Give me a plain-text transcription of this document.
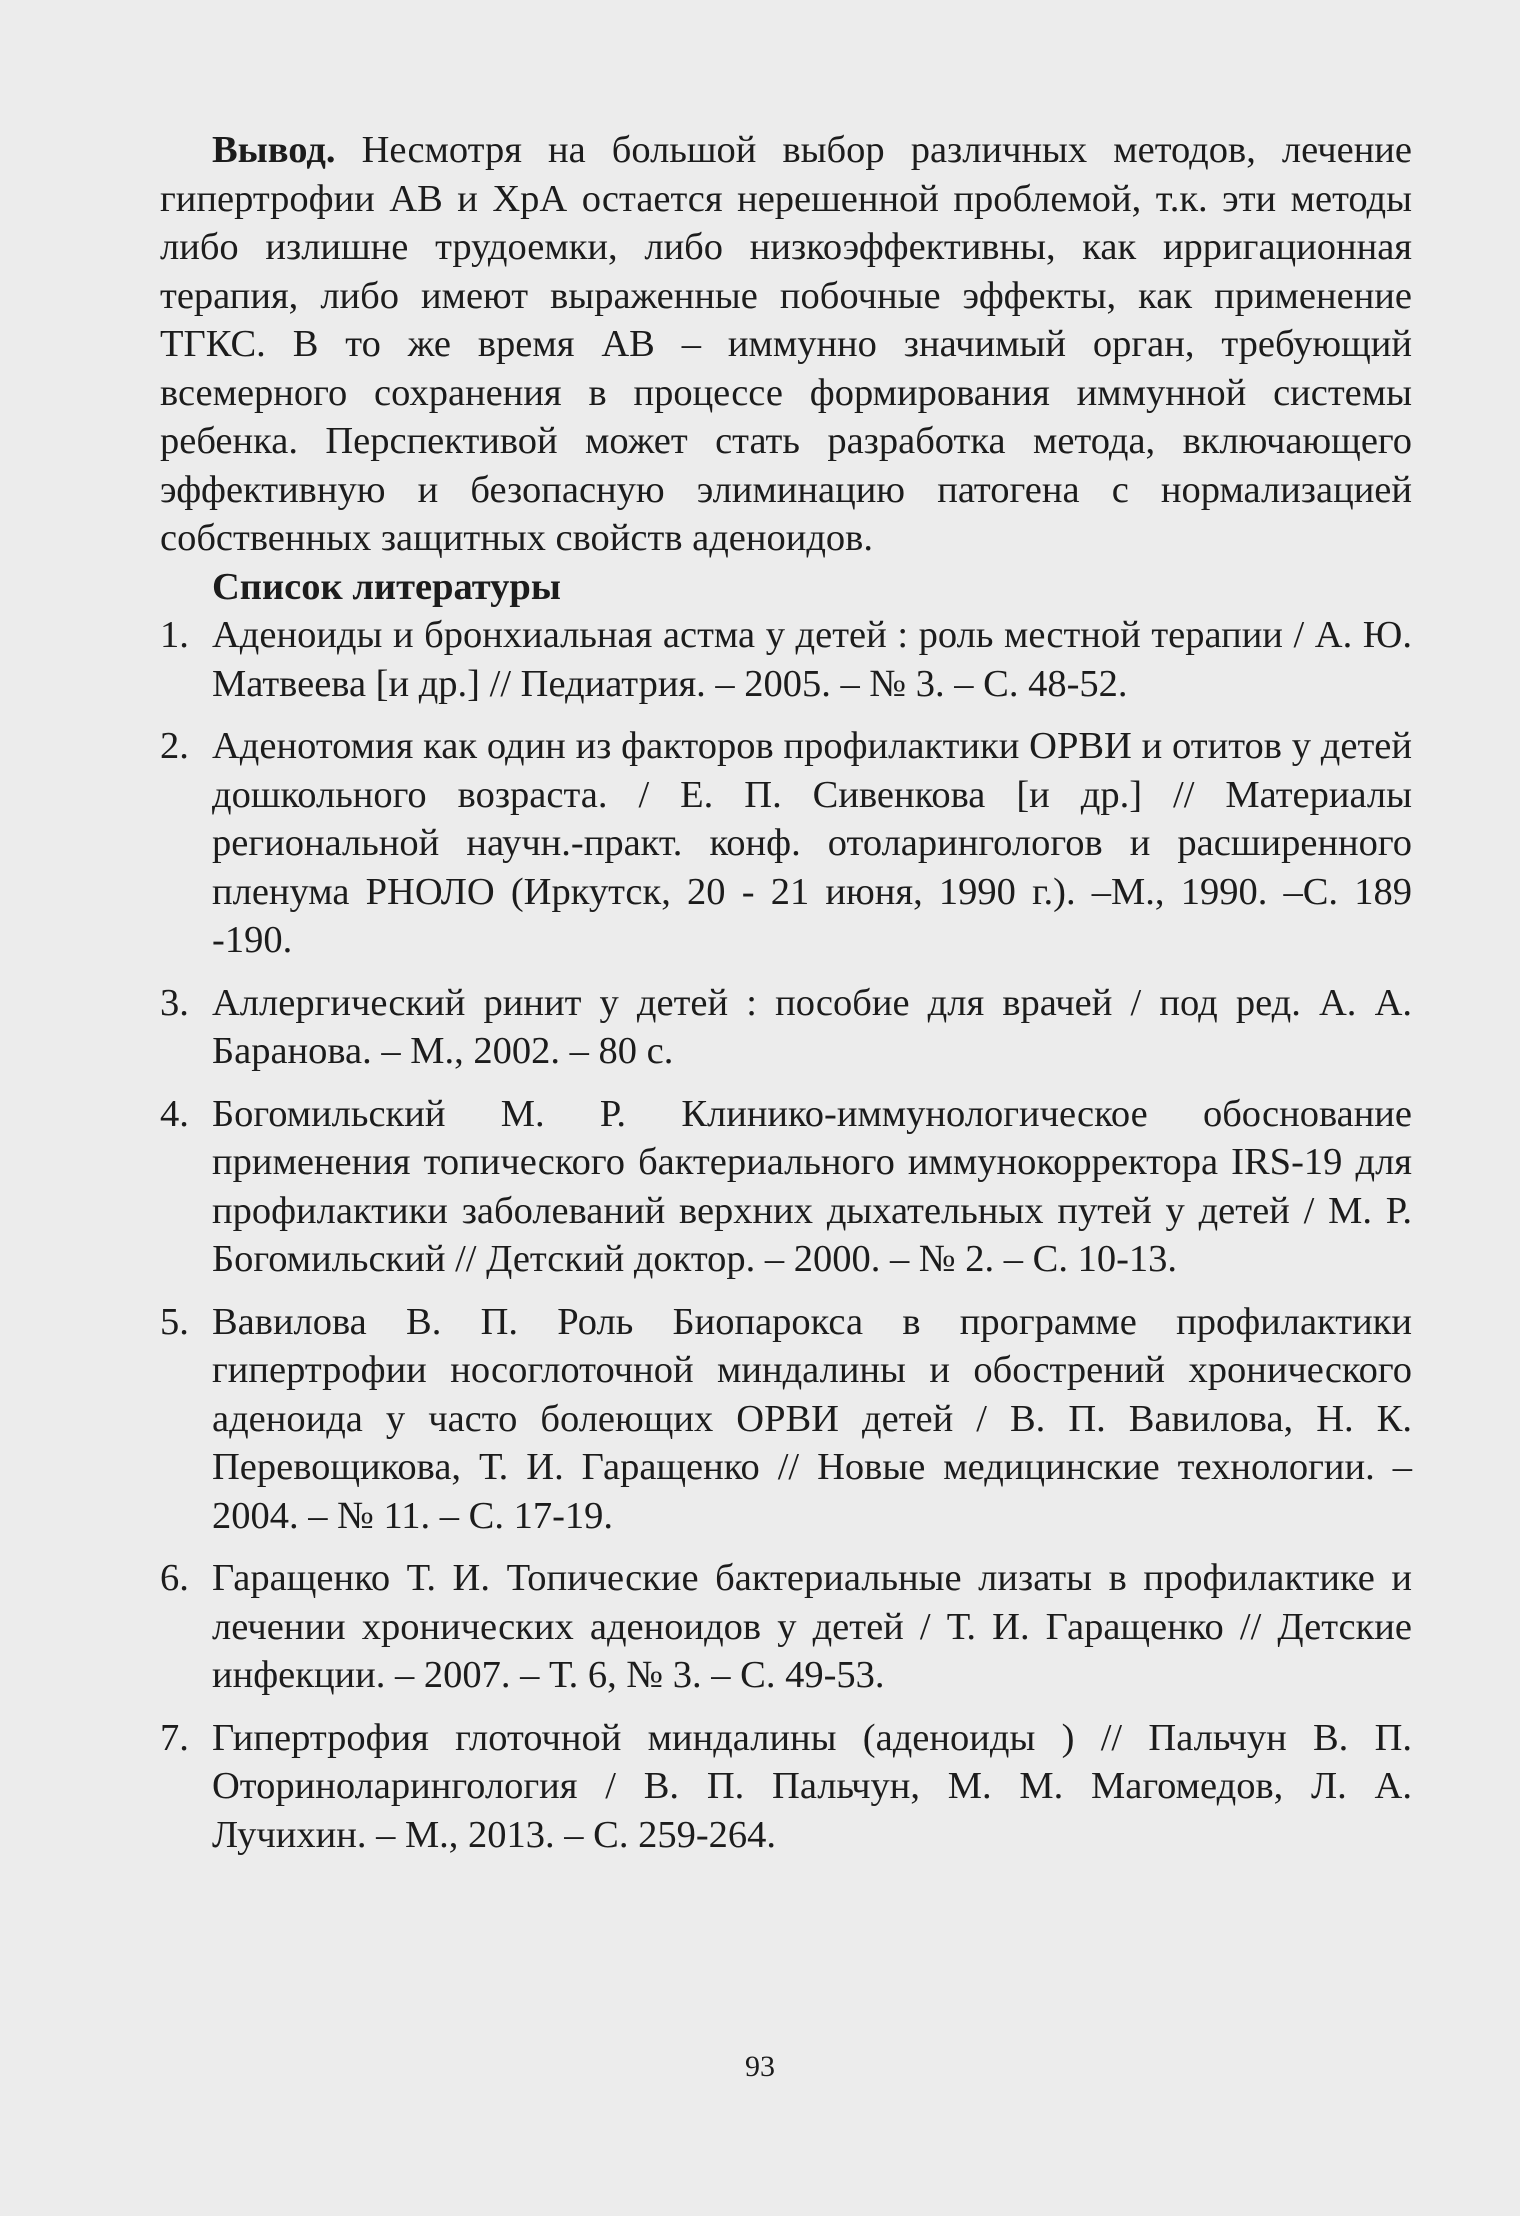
Вывод. Несмотря на большой выбор различных методов, лечение гипертрофии АВ и ХрА остается нерешенной проблемой, т.к. эти методы либо излишне трудоемки, либо низкоэффективны, как ирригационная терапия, либо имеют выраженные побочные эффекты, как применение ТГКС. В то же время АВ – иммунно значимый орган, требующий всемерного сохранения в процессе формирования иммунной системы ребенка. Перспективой может стать разработка метода, включающего эффективную и безопасную элиминацию патогена с нормализацией собственных защитных свойств аденоидов.

Список литературы
1. Аденоиды и бронхиальная астма у детей : роль местной терапии / А. Ю. Матвеева [и др.] // Педиатрия. – 2005. – № 3. – С. 48-52.
2. Аденотомия как один из факторов профилактики ОРВИ и отитов у детей дошкольного возраста. / Е. П. Сивенкова [и др.] // Материалы региональной научн.-практ. конф. отоларингологов и расширенного пленума РНОЛО (Иркутск, 20 - 21 июня, 1990 г.). –М., 1990. –С. 189 -190.
3. Аллергический ринит у детей : пособие для врачей / под ред. А. А. Баранова. – М., 2002. – 80 с.
4. Богомильский М. Р. Клинико-иммунологическое обоснование применения топического бактериального иммунокорректора IRS-19 для профилактики заболеваний верхних дыхательных путей у детей / М. Р. Богомильский // Детский доктор. – 2000. – № 2. – С. 10-13.
5. Вавилова В. П. Роль Биопарокса в программе профилактики гипертрофии носоглоточной миндалины и обострений хронического аденоида у часто болеющих ОРВИ детей / В. П. Вавилова, Н. К. Перевощикова, Т. И. Гаращенко // Новые медицинские технологии. – 2004. – № 11. – С. 17-19.
6. Гаращенко Т. И. Топические бактериальные лизаты в профилактике и лечении хронических аденоидов у детей / Т. И. Гаращенко // Детские инфекции. – 2007. – Т. 6, № 3. – С. 49-53.
7. Гипертрофия глоточной миндалины (аденоиды ) // Пальчун В. П. Оториноларингология / В. П. Пальчун, М. М. Магомедов, Л. А. Лучихин. – М., 2013. – С. 259-264.
93
